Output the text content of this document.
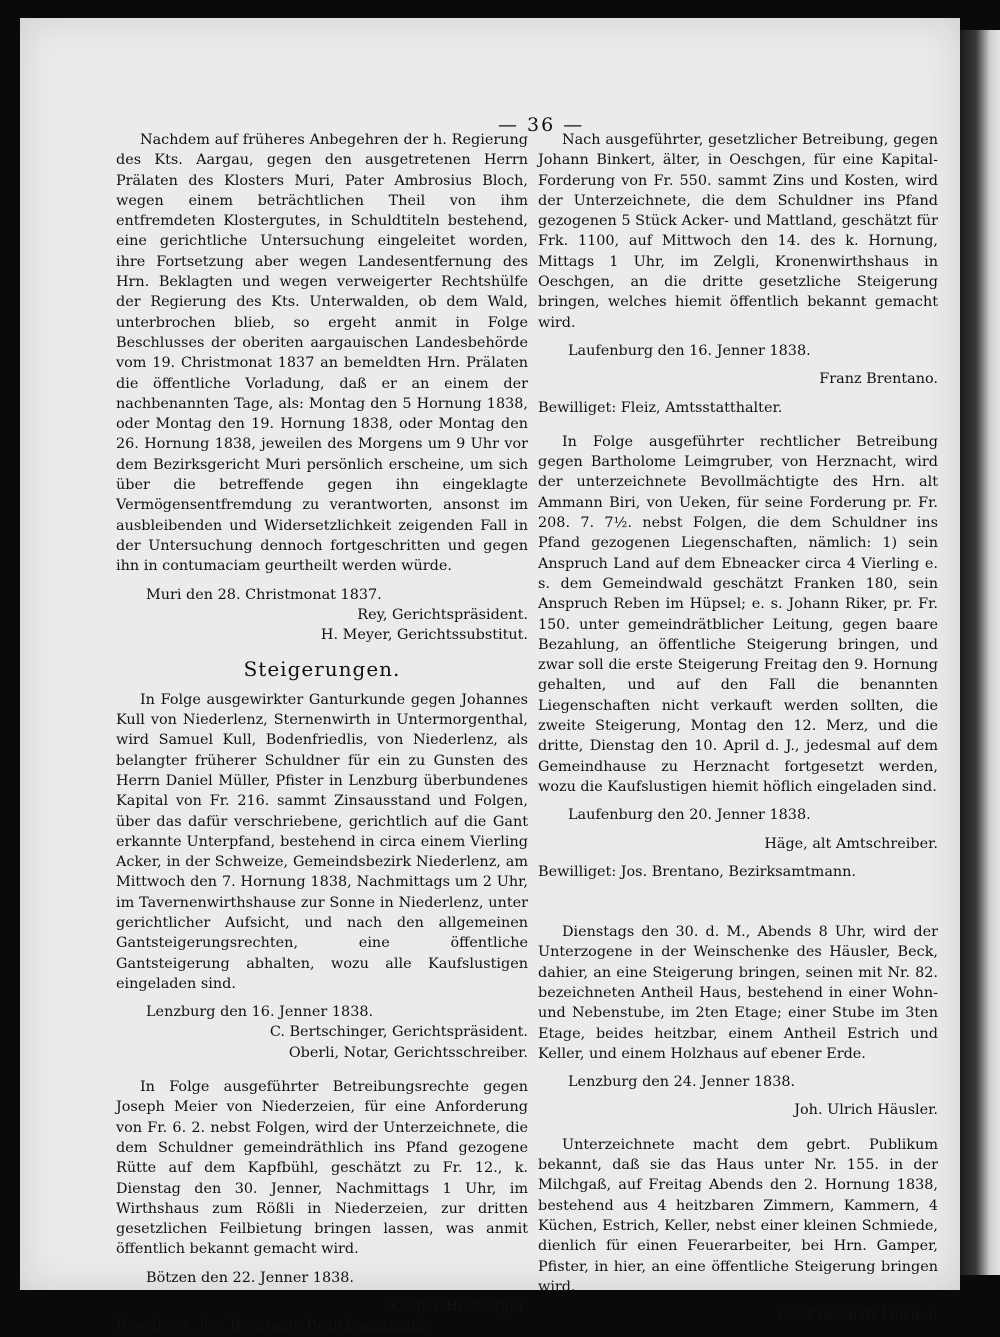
— 36 —

Nachdem auf früheres Anbegehren der h. Regierung des Kts. Aargau, gegen den ausgetretenen Herrn Prälaten des Klosters Muri, Pater Ambrosius Bloch, wegen einem beträchtlichen Theil von ihm entfremdeten Klostergutes, in Schuldtiteln bestehend, eine gerichtliche Untersuchung eingeleitet worden, ihre Fortsetzung aber wegen Landesentfernung des Hrn. Beklagten und wegen verweigerter Rechtshülfe der Regierung des Kts. Unterwalden, ob dem Wald, unterbrochen blieb, so ergeht anmit in Folge Beschlusses der oberiten aargauischen Landesbehörde vom 19. Christmonat 1837 an bemeldten Hrn. Prälaten die öffentliche Vorladung, daß er an einem der nachbenannten Tage, als: Montag den 5 Hornung 1838, oder Montag den 19. Hornung 1838, oder Montag den 26. Hornung 1838, jeweilen des Morgens um 9 Uhr vor dem Bezirksgericht Muri persönlich erscheine, um sich über die betreffende gegen ihn eingeklagte Vermögensentfremdung zu verantworten, ansonst im ausbleibenden und Widersetzlichkeit zeigenden Fall in der Untersuchung dennoch fortgeschritten und gegen ihn in contumaciam geurtheilt werden würde.

Muri den 28. Christmonat 1837.

Rey, Gerichtspräsident.

H. Meyer, Gerichtssubstitut.

Steigerungen.

In Folge ausgewirkter Ganturkunde gegen Johannes Kull von Niederlenz, Sternenwirth in Untermorgenthal, wird Samuel Kull, Bodenfriedlis, von Niederlenz, als belangter früherer Schuldner für ein zu Gunsten des Herrn Daniel Müller, Pfister in Lenzburg überbundenes Kapital von Fr. 216. sammt Zinsausstand und Folgen, über das dafür verschriebene, gerichtlich auf die Gant erkannte Unterpfand, bestehend in circa einem Vierling Acker, in der Schweize, Gemeindsbezirk Niederlenz, am Mittwoch den 7. Hornung 1838, Nachmittags um 2 Uhr, im Tavernenwirthshause zur Sonne in Niederlenz, unter gerichtlicher Aufsicht, und nach den allgemeinen Gantsteigerungsrechten, eine öffentliche Gantsteigerung abhalten, wozu alle Kaufslustigen eingeladen sind.

Lenzburg den 16. Jenner 1838.

C. Bertschinger, Gerichtspräsident.

Oberli, Notar, Gerichtsschreiber.

In Folge ausgeführter Betreibungsrechte gegen Joseph Meier von Niederzeien, für eine Anforderung von Fr. 6. 2. nebst Folgen, wird der Unterzeichnete, die dem Schuldner gemeindräthlich ins Pfand gezogene Rütte auf dem Kapfbühl, geschätzt zu Fr. 12., k. Dienstag den 30. Jenner, Nachmittags 1 Uhr, im Wirthshaus zum Rößli in Niederzeien, zur dritten gesetzlichen Feilbietung bringen lassen, was anmit öffentlich bekannt gemacht wird.

Bötzen den 22. Jenner 1838.

Kaspar Heuberger.

Bewilliget: Jos. Brentano, Bezirksamtmann.

Nach ausgeführter, gesetzlicher Betreibung, gegen Johann Binkert, älter, in Oeschgen, für eine Kapital-Forderung von Fr. 550. sammt Zins und Kosten, wird der Unterzeichnete, die dem Schuldner ins Pfand gezogenen 5 Stück Acker- und Mattland, geschätzt für Frk. 1100, auf Mittwoch den 14. des k. Hornung, Mittags 1 Uhr, im Zelgli, Kronenwirthshaus in Oeschgen, an die dritte gesetzliche Steigerung bringen, welches hiemit öffentlich bekannt gemacht wird.

Laufenburg den 16. Jenner 1838.

Franz Brentano.

Bewilliget: Fleiz, Amtsstatthalter.

In Folge ausgeführter rechtlicher Betreibung gegen Bartholome Leimgruber, von Herznacht, wird der unterzeichnete Bevollmächtigte des Hrn. alt Ammann Biri, von Ueken, für seine Forderung pr. Fr. 208. 7. 7½. nebst Folgen, die dem Schuldner ins Pfand gezogenen Liegenschaften, nämlich: 1) sein Anspruch Land auf dem Ebneacker circa 4 Vierling e. s. dem Gemeindwald geschätzt Franken 180, sein Anspruch Reben im Hüpsel; e. s. Johann Riker, pr. Fr. 150. unter gemeindrätblicher Leitung, gegen baare Bezahlung, an öffentliche Steigerung bringen, und zwar soll die erste Steigerung Freitag den 9. Hornung gehalten, und auf den Fall die benannten Liegenschaften nicht verkauft werden sollten, die zweite Steigerung, Montag den 12. Merz, und die dritte, Dienstag den 10. April d. J., jedesmal auf dem Gemeindhause zu Herznacht fortgesetzt werden, wozu die Kaufslustigen hiemit höflich eingeladen sind.

Laufenburg den 20. Jenner 1838.

Häge, alt Amtschreiber.

Bewilliget: Jos. Brentano, Bezirksamtmann.

Dienstags den 30. d. M., Abends 8 Uhr, wird der Unterzogene in der Weinschenke des Häusler, Beck, dahier, an eine Steigerung bringen, seinen mit Nr. 82. bezeichneten Antheil Haus, bestehend in einer Wohn- und Nebenstube, im 2ten Etage; einer Stube im 3ten Etage, beides heitzbar, einem Antheil Estrich und Keller, und einem Holzhaus auf ebener Erde.

Lenzburg den 24. Jenner 1838.

Joh. Ulrich Häusler.

Unterzeichnete macht dem gebrt. Publikum bekannt, daß sie das Haus unter Nr. 155. in der Milchgaß, auf Freitag Abends den 2. Hornung 1838, bestehend aus 4 heitzbaren Zimmern, Kammern, 4 Küchen, Estrich, Keller, nebst einer kleinen Schmiede, dienlich für einen Feuerarbeiter, bei Hrn. Gamper, Pfister, in hier, an eine öffentliche Steigerung bringen wird.

Die Erbschaft Hürner.
